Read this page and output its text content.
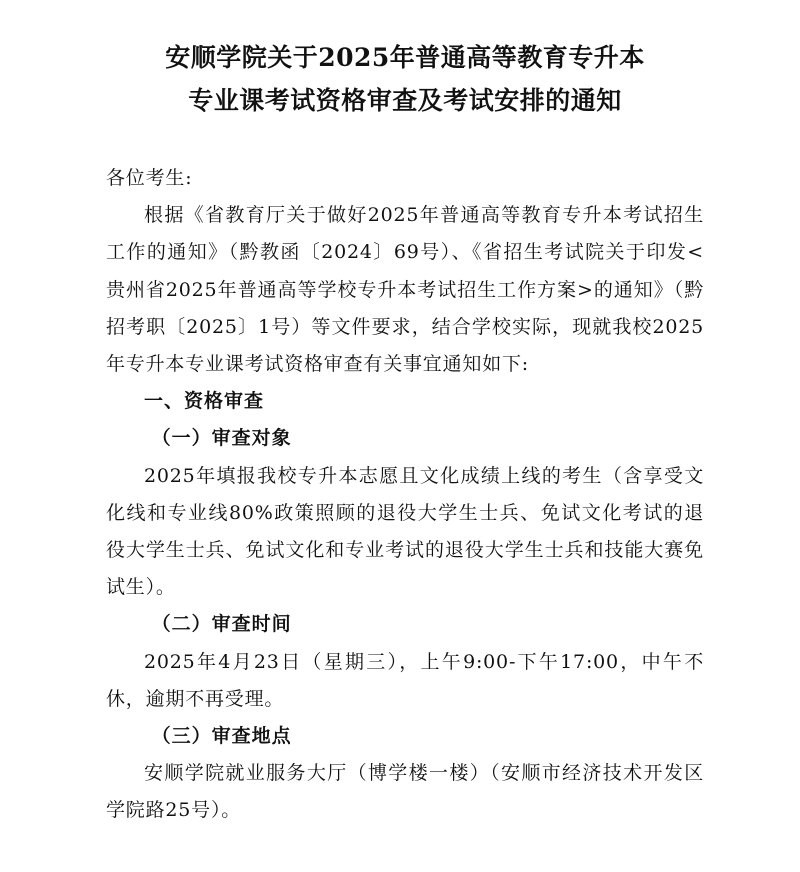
安顺学院关于2025年普通高等教育专升本
专业课考试资格审查及考试安排的通知

各位考生:

根据《省教育厅关于做好2025年普通高等教育专升本考试招生工作的通知》（黔教函〔2024〕69号）、《省招生考试院关于印发<贵州省2025年普通高等学校专升本考试招生工作方案>的通知》（黔招考职〔2025〕1号）等文件要求，结合学校实际，现就我校2025年专升本专业课考试资格审查有关事宜通知如下:

一、资格审查

（一）审查对象

2025年填报我校专升本志愿且文化成绩上线的考生（含享受文化线和专业线80%政策照顾的退役大学生士兵、免试文化考试的退役大学生士兵、免试文化和专业考试的退役大学生士兵和技能大赛免试生）。

（二）审查时间

2025年4月23日（星期三），上午9:00-下午17:00，中午不休，逾期不再受理。

（三）审查地点

安顺学院就业服务大厅（博学楼一楼）（安顺市经济技术开发区学院路25号）。
